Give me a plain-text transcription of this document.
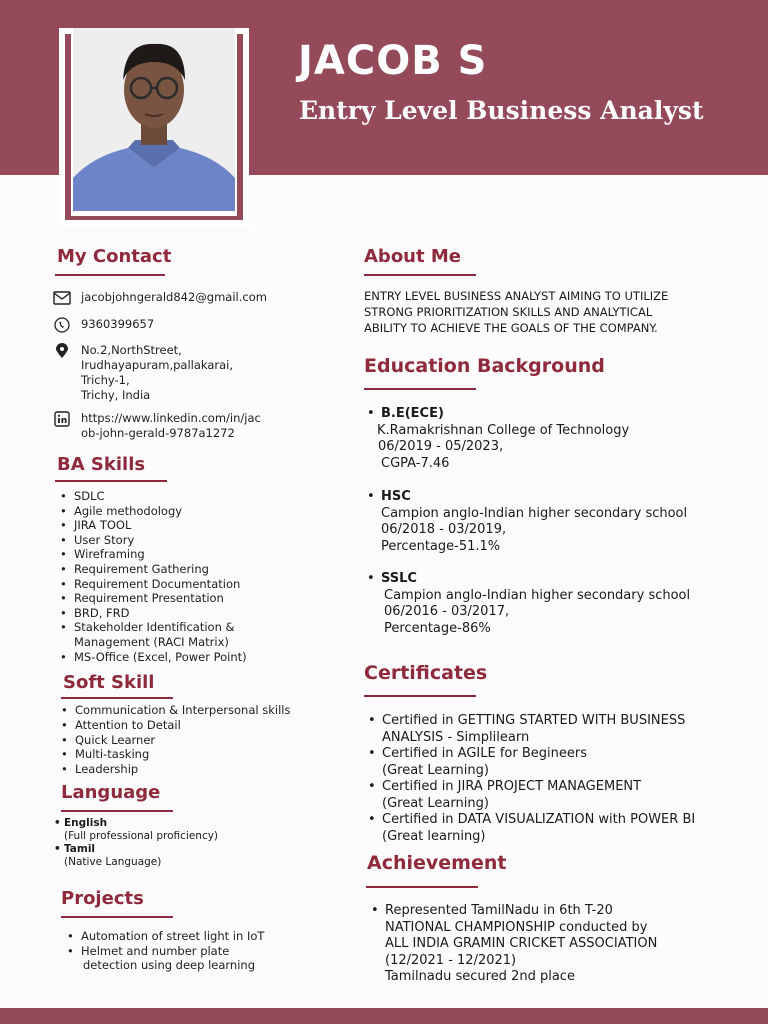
JACOB S
Entry Level Business Analyst
My Contact
jacobjohngerald842@gmail.com
9360399657
No.2,NorthStreet,
Irudhayapuram,pallakarai,
Trichy-1,
Trichy, India
https://www.linkedin.com/in/jac
ob-john-gerald-9787a1272
BA Skills
• SDLC
• Agile methodology
• JIRA TOOL
• User Story
• Wireframing
• Requirement Gathering
• Requirement Documentation
• Requirement Presentation
• BRD, FRD
• Stakeholder Identification &
Management (RACI Matrix)
• MS-Office (Excel, Power Point)
Soft Skill
• Communication & Interpersonal skills
• Attention to Detail
• Quick Learner
• Multi-tasking
• Leadership
Language
• English
(Full professional proficiency)
• Tamil
(Native Language)
Projects
• Automation of street light in IoT
• Helmet and number plate
detection using deep learning
About Me
ENTRY LEVEL BUSINESS ANALYST AIMING TO UTILIZE STRONG PRIORITIZATION SKILLS AND ANALYTICAL ABILITY TO ACHIEVE THE GOALS OF THE COMPANY.
Education Background
• B.E(ECE)
K.Ramakrishnan College of Technology
06/2019 - 05/2023,
CGPA-7.46
• HSC
Campion anglo-Indian higher secondary school
06/2018 - 03/2019,
Percentage-51.1%
• SSLC
Campion anglo-Indian higher secondary school
06/2016 - 03/2017,
Percentage-86%
Certificates
• Certified in GETTING STARTED WITH BUSINESS
ANALYSIS - Simplilearn
• Certified in AGILE for Begineers
(Great Learning)
• Certified in JIRA PROJECT MANAGEMENT
(Great Learning)
• Certified in DATA VISUALIZATION with POWER BI
(Great learning)
Achievement
• Represented TamilNadu in 6th T-20
NATIONAL CHAMPIONSHIP conducted by
ALL INDIA GRAMIN CRICKET ASSOCIATION
(12/2021 - 12/2021)
Tamilnadu secured 2nd place
